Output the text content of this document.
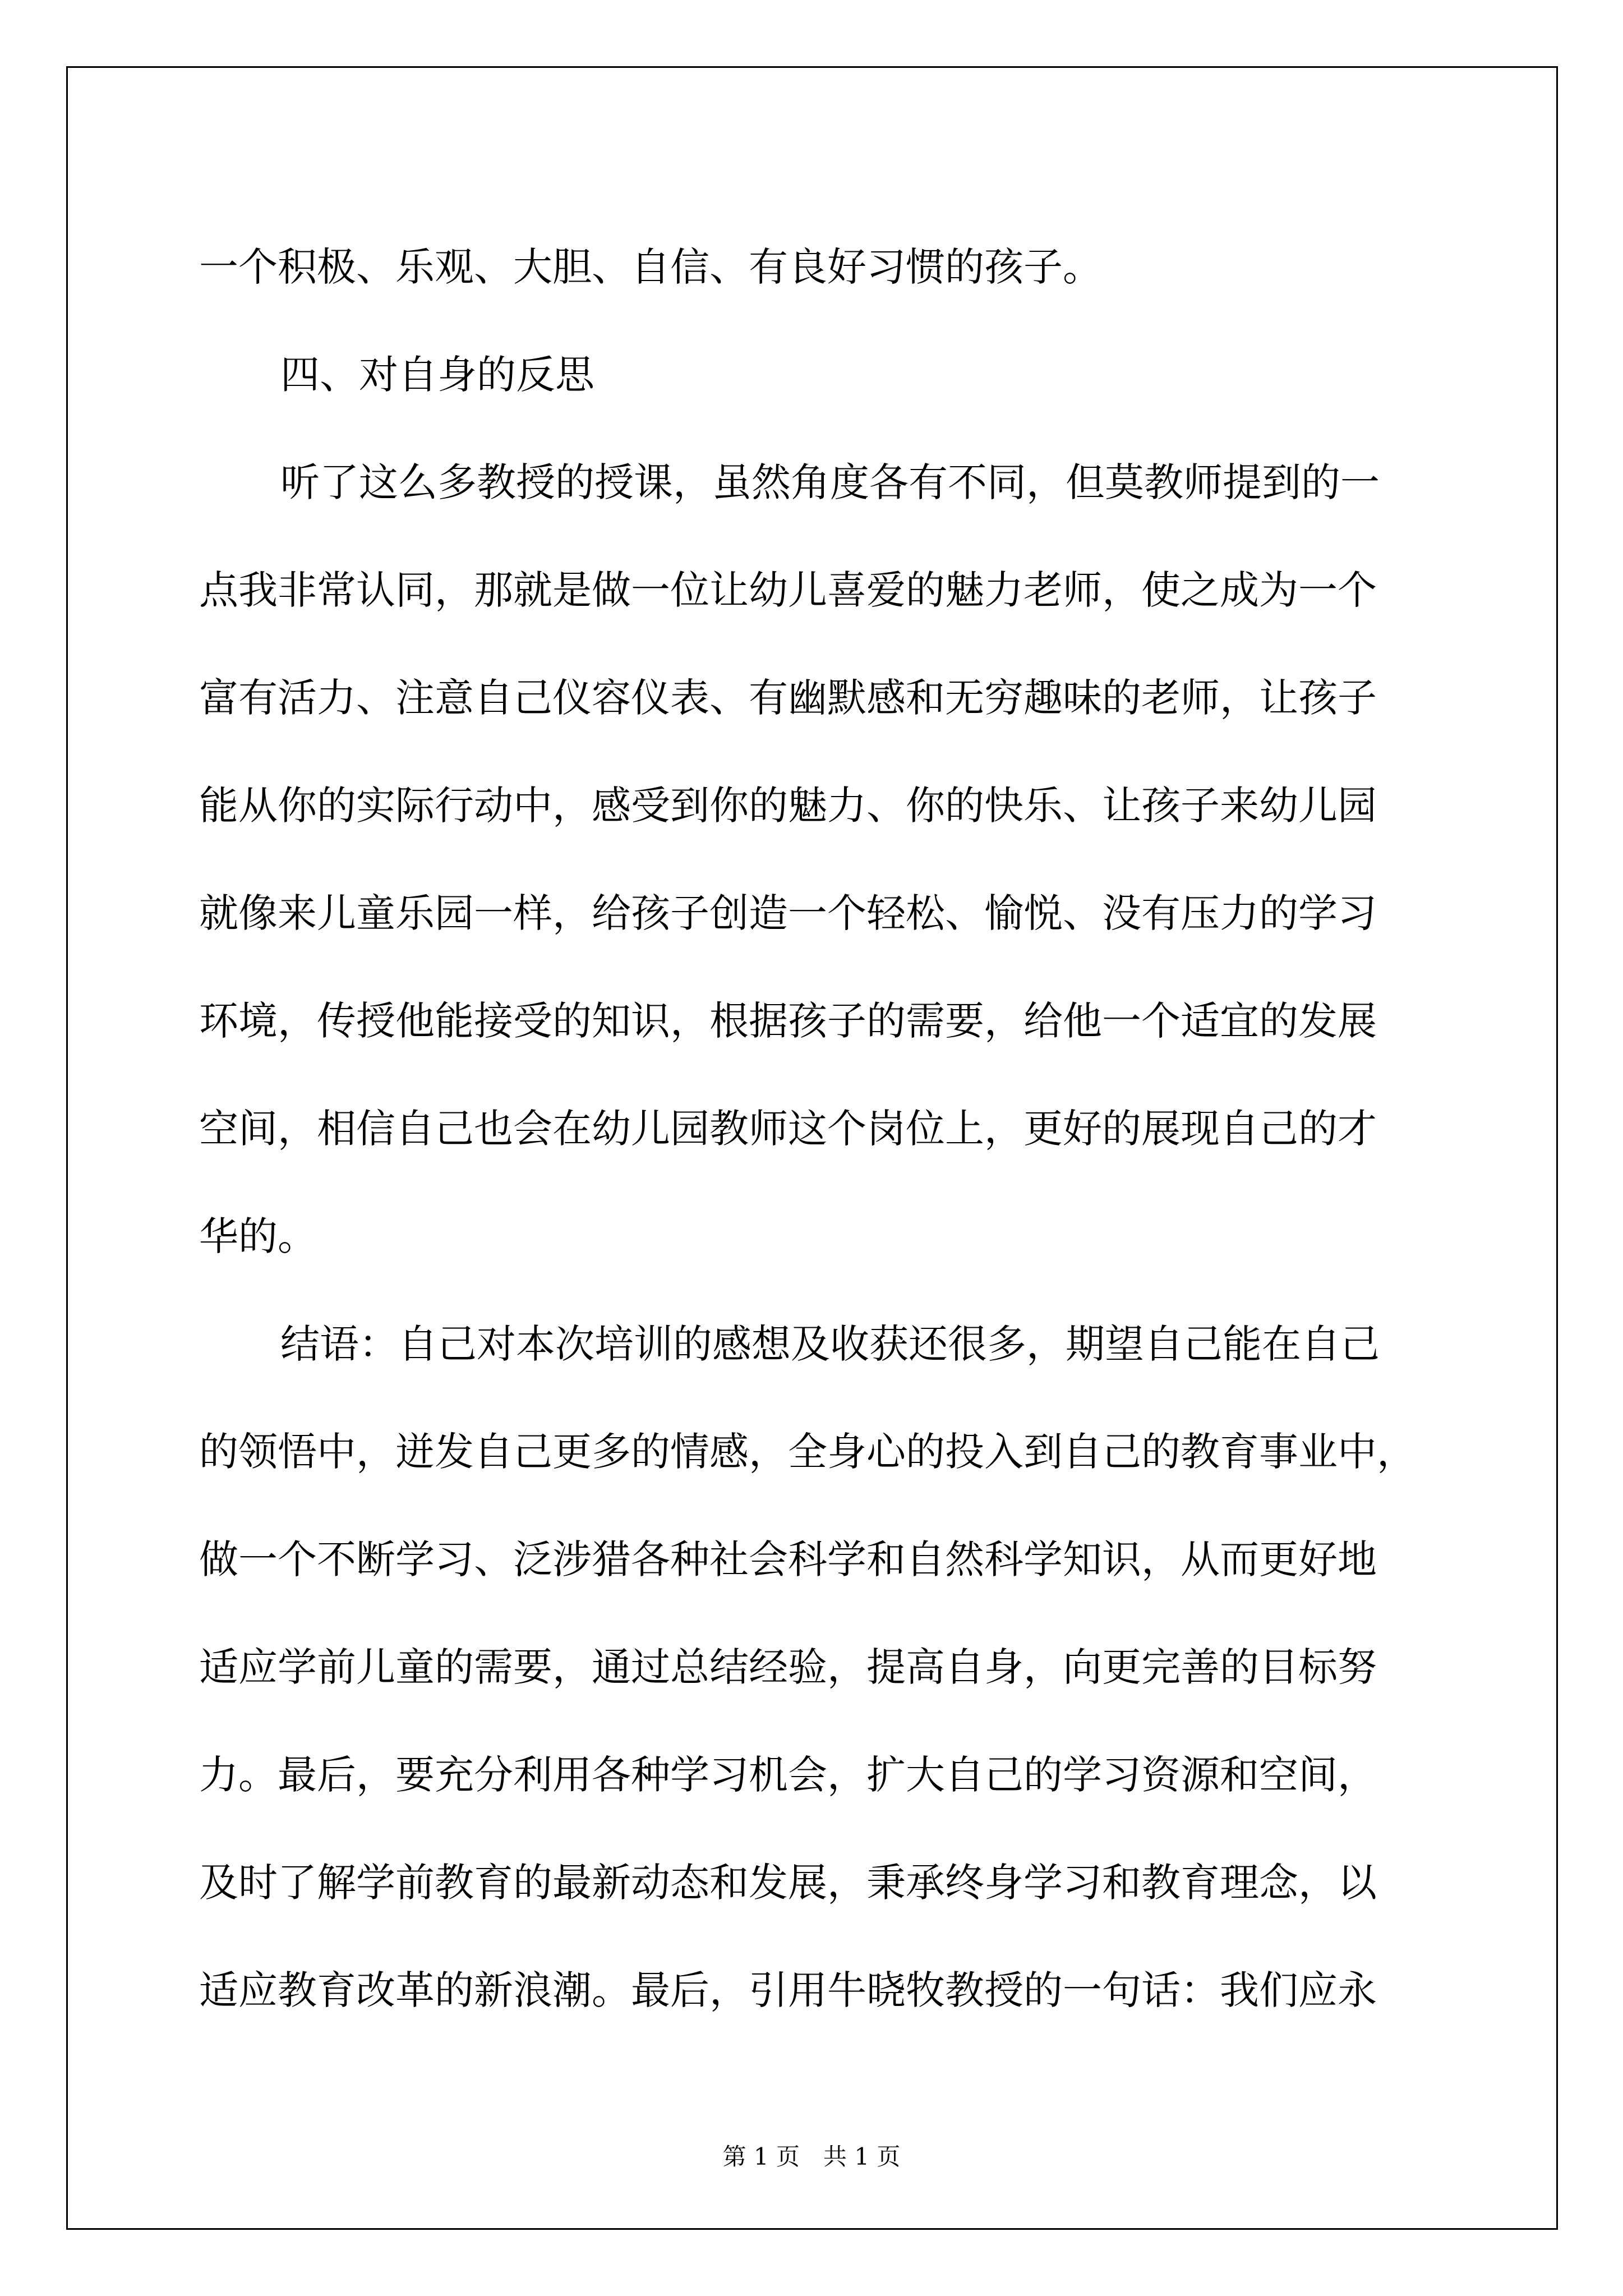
一个积极、乐观、大胆、自信、有良好习惯的孩子。
四、对自身的反思
听了这么多教授的授课，虽然角度各有不同，但莫教师提到的一
点我非常认同，那就是做一位让幼儿喜爱的魅力老师，使之成为一个
富有活力、注意自己仪容仪表、有幽默感和无穷趣味的老师，让孩子
能从你的实际行动中，感受到你的魅力、你的快乐、让孩子来幼儿园
就像来儿童乐园一样，给孩子创造一个轻松、愉悦、没有压力的学习
环境，传授他能接受的知识，根据孩子的需要，给他一个适宜的发展
空间，相信自己也会在幼儿园教师这个岗位上，更好的展现自己的才
华的。
结语：自己对本次培训的感想及收获还很多，期望自己能在自己
的领悟中，迸发自己更多的情感，全身心的投入到自己的教育事业中，
做一个不断学习、泛涉猎各种社会科学和自然科学知识，从而更好地
适应学前儿童的需要，通过总结经验，提高自身，向更完善的目标努
力。最后，要充分利用各种学习机会，扩大自己的学习资源和空间，
及时了解学前教育的最新动态和发展，秉承终身学习和教育理念，以
适应教育改革的新浪潮。最后，引用牛晓牧教授的一句话：我们应永
第 1 页　共 1 页
